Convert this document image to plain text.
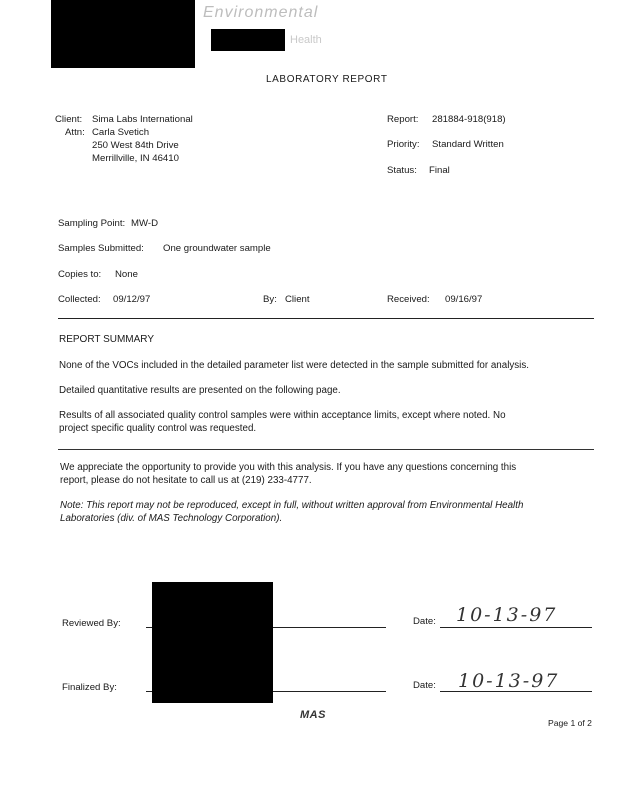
Environmental
Health
LABORATORY REPORT
Client: Sima Labs International
Attn: Carla Svetich
250 West 84th Drive
Merrillville, IN 46410
Report: 281884-918(918)
Priority: Standard Written
Status: Final
Sampling Point: MW-D
Samples Submitted: One groundwater sample
Copies to: None
Collected: 09/12/97	By: Client	Received: 09/16/97
REPORT SUMMARY
None of the VOCs included in the detailed parameter list were detected in the sample submitted for analysis.
Detailed quantitative results are presented on the following page.
Results of all associated quality control samples were within acceptance limits, except where noted. No
project specific quality control was requested.
We appreciate the opportunity to provide you with this analysis. If you have any questions concerning this
report, please do not hesitate to call us at (219) 233-4777.
Note: This report may not be reproduced, except in full, without written approval from Environmental Health
Laboratories (div. of MAS Technology Corporation).
Reviewed By:	Date: 10-13-97
Finalized By:	Date: 10-13-97
MAS
Page 1 of 2
